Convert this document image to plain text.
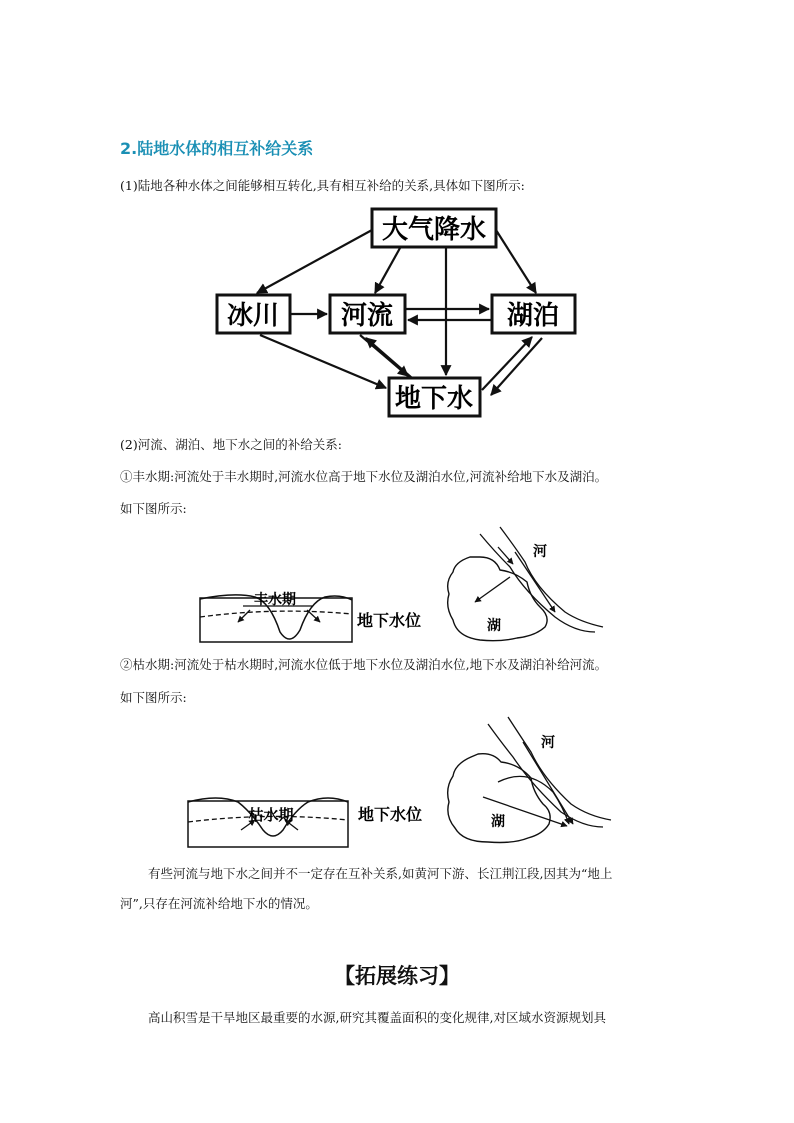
2.陆地水体的相互补给关系
(1)陆地各种水体之间能够相互转化,具有相互补给的关系,具体如下图所示:
大气降水
冰川 河流	湖泊
地下水
(2)河流、湖泊、地下水之间的补给关系:
①丰水期:河流处于丰水期时,河流水位高于地下水位及湖泊水位,河流补给地下水及湖泊。
如下图所示:
丰水期
地下水位
河
湖
②枯水期:河流处于枯水期时,河流水位低于地下水位及湖泊水位,地下水及湖泊补给河流。
如下图所示:
枯水期	地下水位
河
湖
有些河流与地下水之间并不一定存在互补关系,如黄河下游、长江荆江段,因其为“地上
河”,只存在河流补给地下水的情况。
【拓展练习】
高山积雪是干旱地区最重要的水源,研究其覆盖面积的变化规律,对区域水资源规划具
